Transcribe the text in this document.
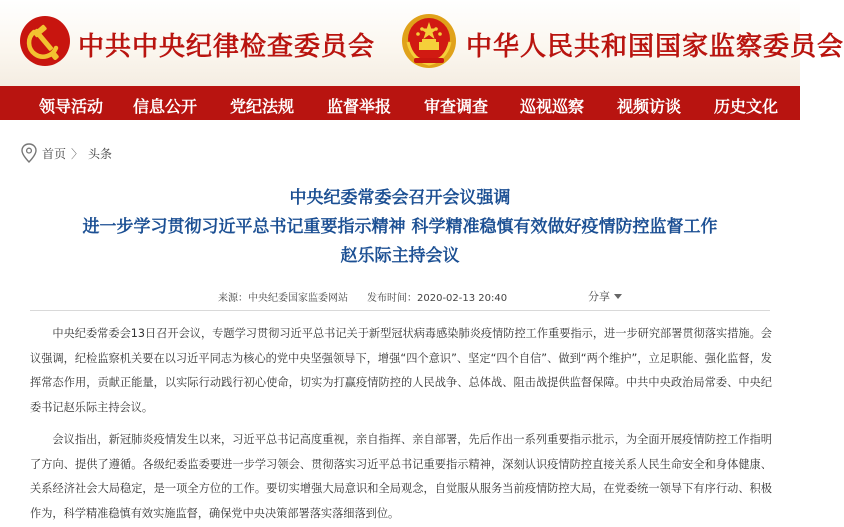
中共中央纪律检查委员会	中华人民共和国国家监察委员会
领导活动 信息公开 党纪法规 监督举报 审查调查 巡视巡察 视频访谈 历史文化
首页 〉 头条
中央纪委常委会召开会议强调
进一步学习贯彻习近平总书记重要指示精神 科学精准稳慎有效做好疫情防控监督工作
赵乐际主持会议
来源：中央纪委国家监委网站 发布时间：2020-02-13 20:40	分享

中央纪委常委会13日召开会议，专题学习贯彻习近平总书记关于新型冠状病毒感染肺炎疫情防控工作重要指示，进一步研究部署贯彻落实措施。会议强调，纪检监察机关要在以习近平同志为核心的党中央坚强领导下，增强“四个意识”、坚定“四个自信”、做到“两个维护”，立足职能、强化监督，发挥常态作用，贡献正能量，以实际行动践行初心使命，切实为打赢疫情防控的人民战争、总体战、阻击战提供监督保障。中共中央政治局常委、中央纪委书记赵乐际主持会议。

会议指出，新冠肺炎疫情发生以来，习近平总书记高度重视，亲自指挥、亲自部署，先后作出一系列重要指示批示，为全面开展疫情防控工作指明了方向、提供了遵循。各级纪委监委要进一步学习领会、贯彻落实习近平总书记重要指示精神，深刻认识疫情防控直接关系人民生命安全和身体健康、关系经济社会大局稳定，是一项全方位的工作。要切实增强大局意识和全局观念，自觉服从服务当前疫情防控大局，在党委统一领导下有序行动、积极作为，科学精准稳慎有效实施监督，确保党中央决策部署落实落细落到位。
